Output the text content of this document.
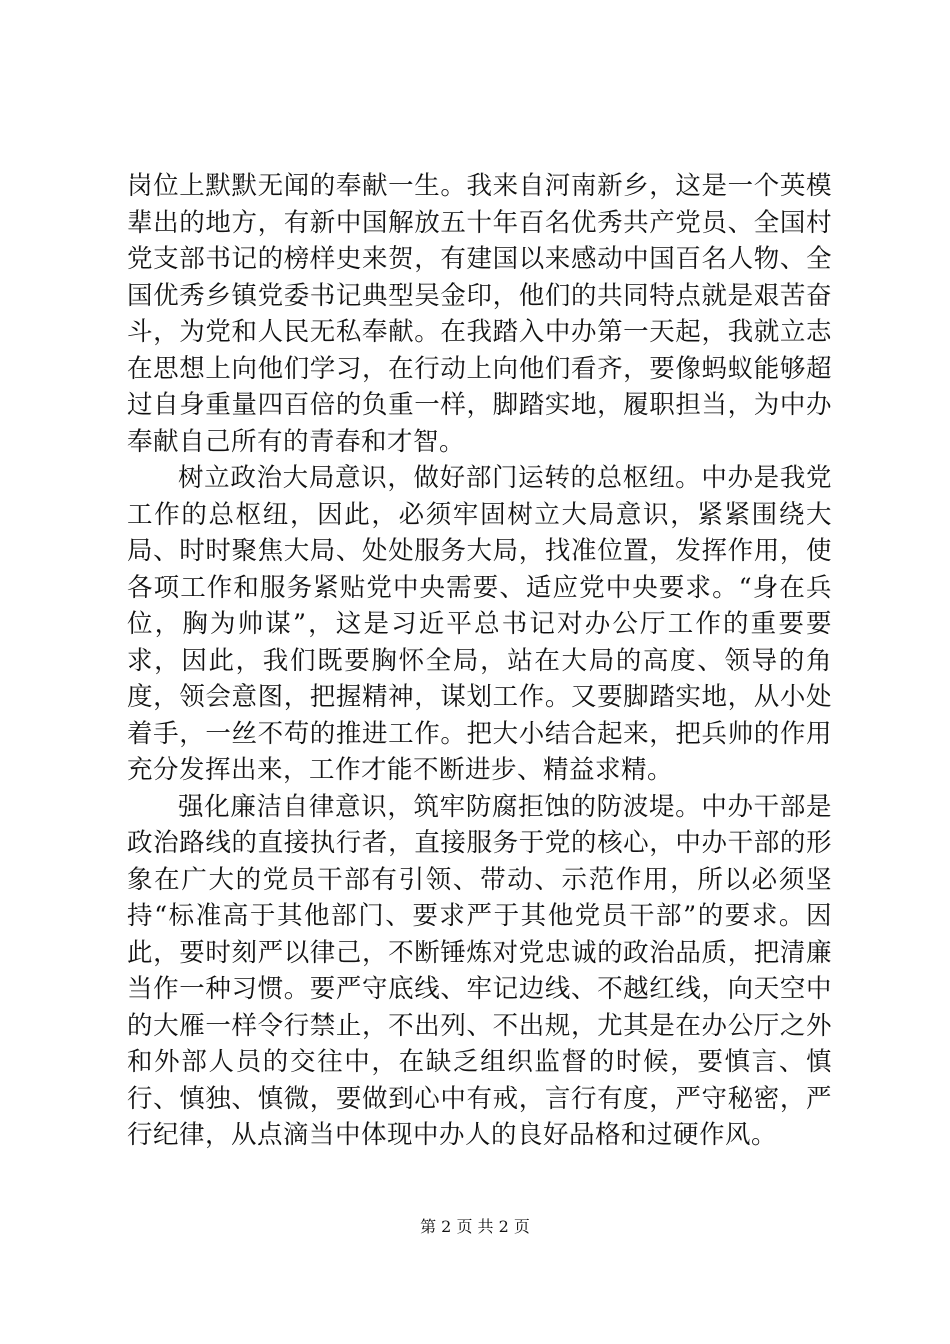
岗位上默默无闻的奉献一生。我来自河南新乡，这是一个英模辈出的地方，有新中国解放五十年百名优秀共产党员、全国村党支部书记的榜样史来贺，有建国以来感动中国百名人物、全国优秀乡镇党委书记典型吴金印，他们的共同特点就是艰苦奋斗，为党和人民无私奉献。在我踏入中办第一天起，我就立志在思想上向他们学习，在行动上向他们看齐，要像蚂蚁能够超过自身重量四百倍的负重一样，脚踏实地，履职担当，为中办奉献自己所有的青春和才智。

树立政治大局意识，做好部门运转的总枢纽。中办是我党工作的总枢纽，因此，必须牢固树立大局意识，紧紧围绕大局、时时聚焦大局、处处服务大局，找准位置，发挥作用，使各项工作和服务紧贴党中央需要、适应党中央要求。“身在兵位，胸为帅谋”，这是习近平总书记对办公厅工作的重要要求，因此，我们既要胸怀全局，站在大局的高度、领导的角度，领会意图，把握精神，谋划工作。又要脚踏实地，从小处着手，一丝不苟的推进工作。把大小结合起来，把兵帅的作用充分发挥出来，工作才能不断进步、精益求精。

强化廉洁自律意识，筑牢防腐拒蚀的防波堤。中办干部是政治路线的直接执行者，直接服务于党的核心，中办干部的形象在广大的党员干部有引领、带动、示范作用，所以必须坚持“标准高于其他部门、要求严于其他党员干部”的要求。因此，要时刻严以律己，不断锤炼对党忠诚的政治品质，把清廉当作一种习惯。要严守底线、牢记边线、不越红线，向天空中的大雁一样令行禁止，不出列、不出规，尤其是在办公厅之外和外部人员的交往中，在缺乏组织监督的时候，要慎言、慎行、慎独、慎微，要做到心中有戒，言行有度，严守秘密，严行纪律，从点滴当中体现中办人的良好品格和过硬作风。

第 2 页 共 2 页
